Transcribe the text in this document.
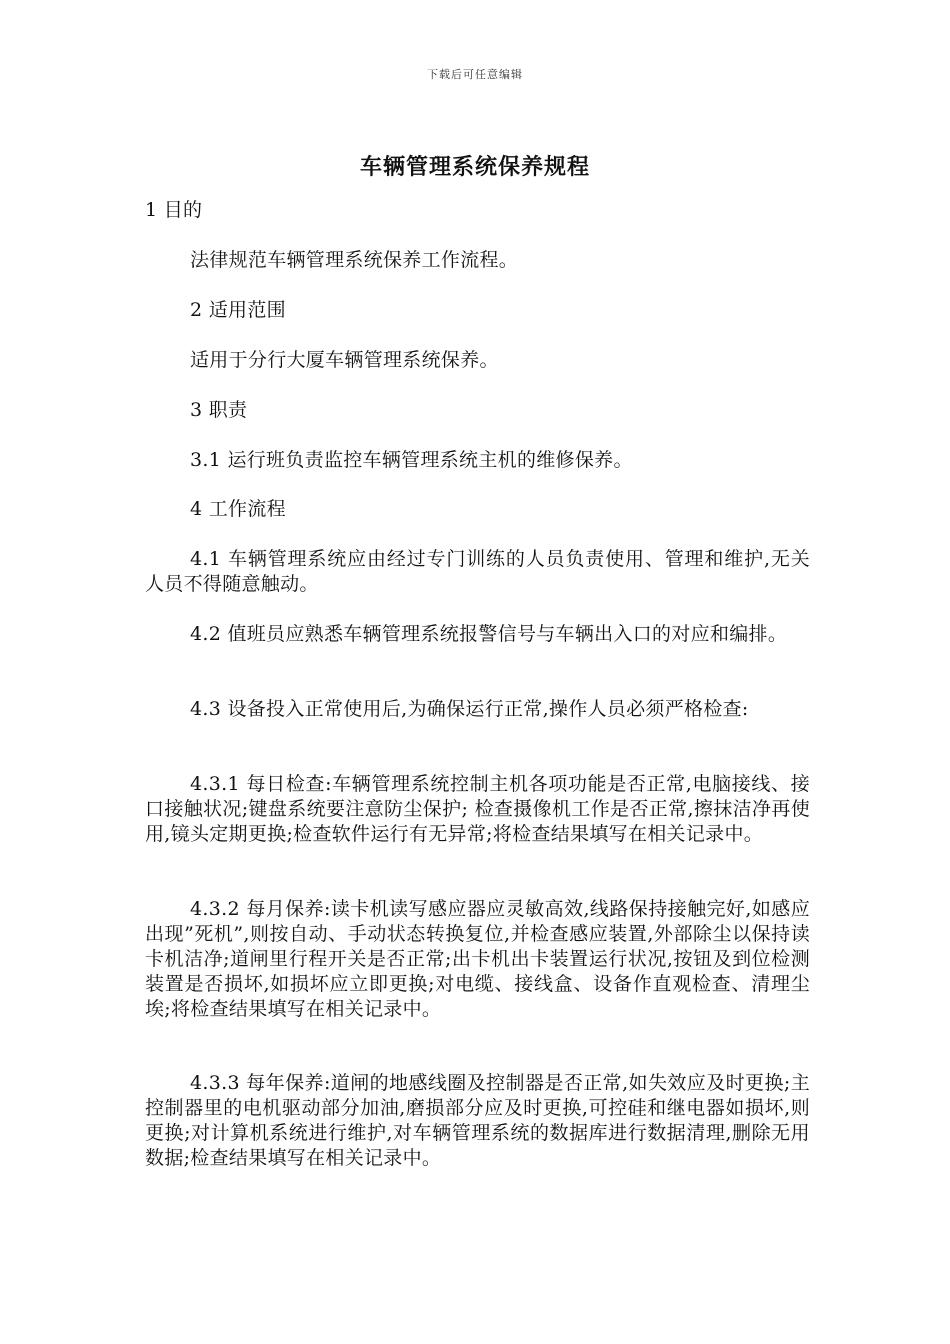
下载后可任意编辑
车辆管理系统保养规程
1 目的
法律规范车辆管理系统保养工作流程。
2 适用范围
适用于分行大厦车辆管理系统保养。
3 职责
3.1 运行班负责监控车辆管理系统主机的维修保养。
4 工作流程
4.1 车辆管理系统应由经过专门训练的人员负责使用、管理和维护,无关人员不得随意触动。
4.2 值班员应熟悉车辆管理系统报警信号与车辆出入口的对应和编排。
4.3 设备投入正常使用后,为确保运行正常,操作人员必须严格检查:
4.3.1 每日检查:车辆管理系统控制主机各项功能是否正常,电脑接线、接口接触状况;键盘系统要注意防尘保护; 检查摄像机工作是否正常,擦抹洁净再使用,镜头定期更换;检查软件运行有无异常;将检查结果填写在相关记录中。
4.3.2 每月保养:读卡机读写感应器应灵敏高效,线路保持接触完好,如感应出现”死机”,则按自动、手动状态转换复位,并检查感应装置,外部除尘以保持读卡机洁净;道闸里行程开关是否正常;出卡机出卡装置运行状况,按钮及到位检测装置是否损坏,如损坏应立即更换;对电缆、接线盒、设备作直观检查、清理尘埃;将检查结果填写在相关记录中。
4.3.3 每年保养:道闸的地感线圈及控制器是否正常,如失效应及时更换;主控制器里的电机驱动部分加油,磨损部分应及时更换,可控硅和继电器如损坏,则更换;对计算机系统进行维护,对车辆管理系统的数据库进行数据清理,删除无用数据;检查结果填写在相关记录中。
